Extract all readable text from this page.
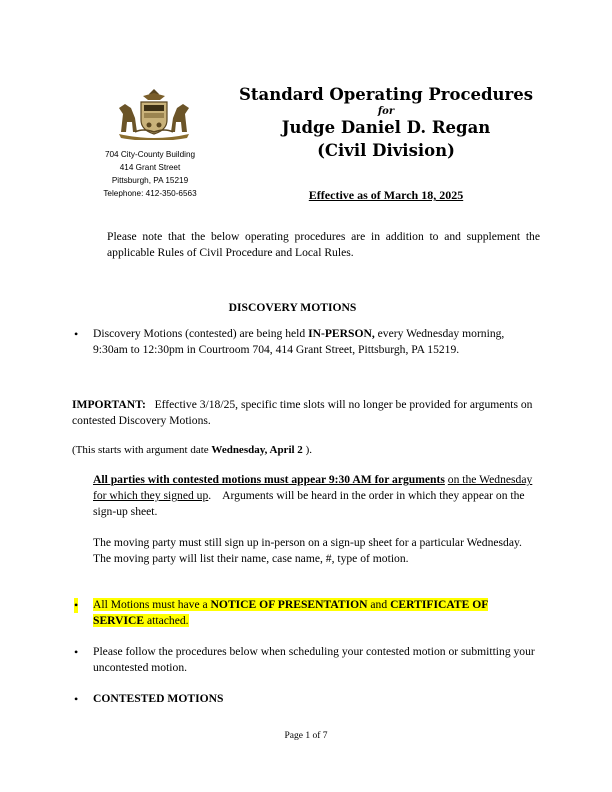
704 City-County Building
414 Grant Street
Pittsburgh, PA 15219
Telephone: 412-350-6563
Standard Operating Procedures
for
Judge Daniel D. Regan
(Civil Division)
Effective as of March 18, 2025
Please note that the below operating procedures are in addition to and supplement the applicable Rules of Civil Procedure and Local Rules.
DISCOVERY MOTIONS
• Discovery Motions (contested) are being held IN-PERSON, every Wednesday morning, 9:30am to 12:30pm in Courtroom 704, 414 Grant Street, Pittsburgh, PA 15219.
IMPORTANT:   Effective 3/18/25, specific time slots will no longer be provided for arguments on contested Discovery Motions.
(This starts with argument date Wednesday, April 2 ).
All parties with contested motions must appear 9:30 AM for arguments on the Wednesday for which they signed up.    Arguments will be heard in the order in which they appear on the sign-up sheet.
The moving party must still sign up in-person on a sign-up sheet for a particular Wednesday. The moving party will list their name, case name, #, type of motion.
• All Motions must have a NOTICE OF PRESENTATION and CERTIFICATE OF SERVICE attached.
• Please follow the procedures below when scheduling your contested motion or submitting your uncontested motion.
• CONTESTED MOTIONS
Page 1 of 7
